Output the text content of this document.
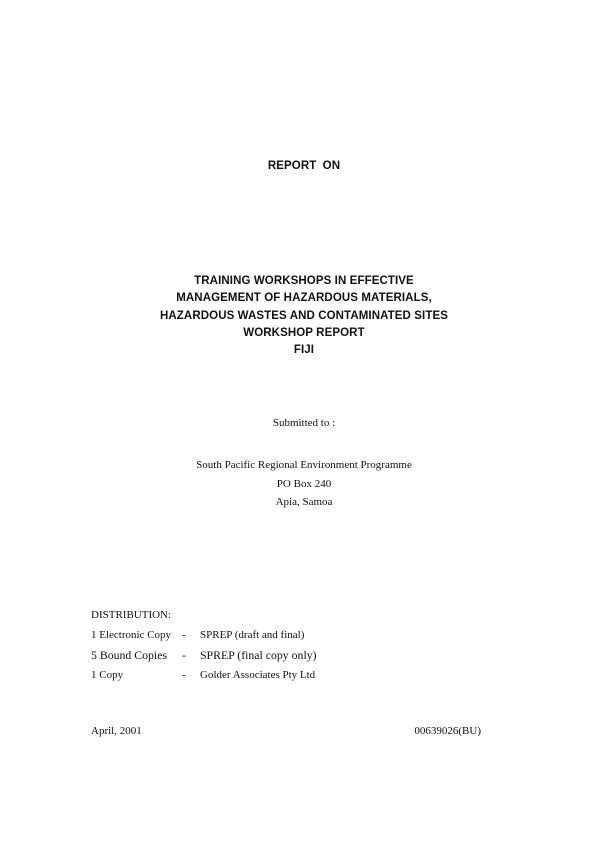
REPORT ON
TRAINING WORKSHOPS IN EFFECTIVE
MANAGEMENT OF HAZARDOUS MATERIALS,
HAZARDOUS WASTES AND CONTAMINATED SITES
WORKSHOP REPORT
FIJI
Submitted to :
South Pacific Regional Environment Programme
PO Box 240
Apia, Samoa
DISTRIBUTION:
1 Electronic Copy - SPREP (draft and final)
5 Bound Copies - SPREP (final copy only)
1 Copy	- Golder Associates Pty Ltd
April, 2001	00639026(BU)
